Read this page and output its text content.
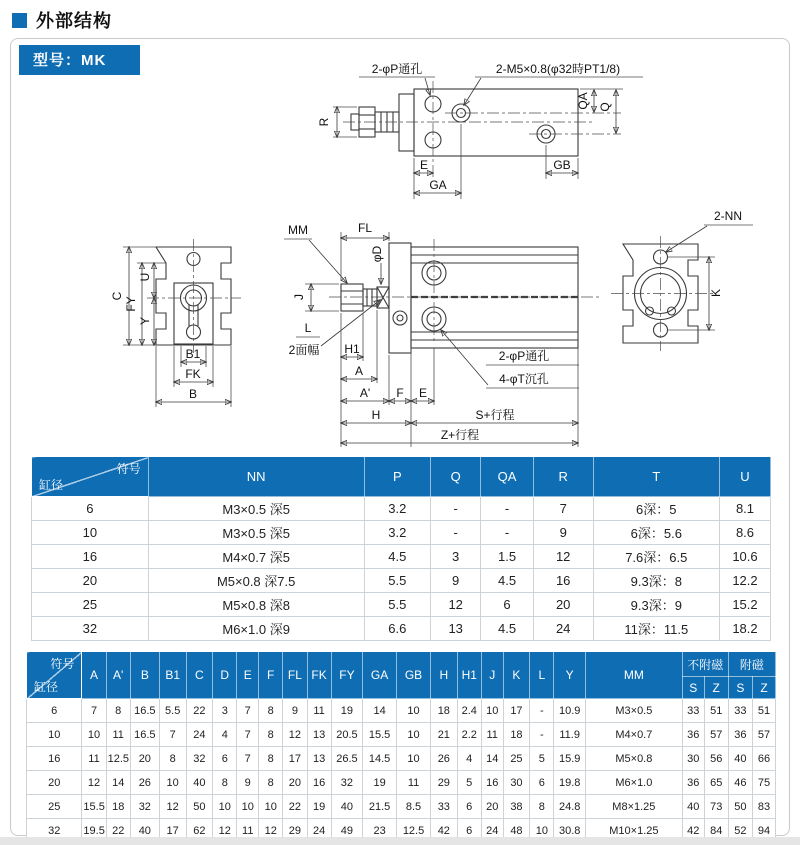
外部结构
型号：MK
R
QA Q
E
GA
GB
2-φP通孔	2-M5×0.8(φ32時PT1/8)
J
MM	FL
φD
L
2面幅 H1
A
A' F E
H	S+行程
Z+行程
2-φP通孔
4-φT沉孔
C
FY
U
Y
B1
FK
B
2-NN
K
符号
缸径	NN	P	Q	QA	R	T	U
6	M3×0.5 深5	3.2	-	-	7	6深：5	8.1
10	M3×0.5 深5	3.2	-	-	9	6深：5.6	8.6
16	M4×0.7 深5	4.5	3	1.5	12	7.6深：6.5	10.6
20	M5×0.8 深7.5	5.5	9	4.5	16	9.3深：8	12.2
25	M5×0.8 深8	5.5	12	6	20	9.3深：9	15.2
32	M6×1.0 深9	6.6	13	4.5	24	11深：11.5	18.2
符号
缸径	A	A'	B	B1	C	D	E	F	FL	FK	FY	GA	GB	H	H1	J	K	L	Y	MM	不附磁		附磁	
																					S	Z	S	Z
6	7	8	16.5	5.5	22	3	7	8	9	11	19	14	10	18	2.4	10	17	-	10.9	M3×0.5	33	51	33	51
10	10	11	16.5	7	24	4	7	8	12	13	20.5	15.5	10	21	2.2	11	18	-	11.9	M4×0.7	36	57	36	57
16	11	12.5	20	8	32	6	7	8	17	13	26.5	14.5	10	26	4	14	25	5	15.9	M5×0.8	30	56	40	66
20	12	14	26	10	40	8	9	8	20	16	32	19	11	29	5	16	30	6	19.8	M6×1.0	36	65	46	75
25	15.5	18	32	12	50	10	10	10	22	19	40	21.5	8.5	33	6	20	38	8	24.8	M8×1.25	40	73	50	83
32	19.5	22	40	17	62	12	11	12	29	24	49	23	12.5	42	6	24	48	10	30.8	M10×1.25	42	84	52	94
